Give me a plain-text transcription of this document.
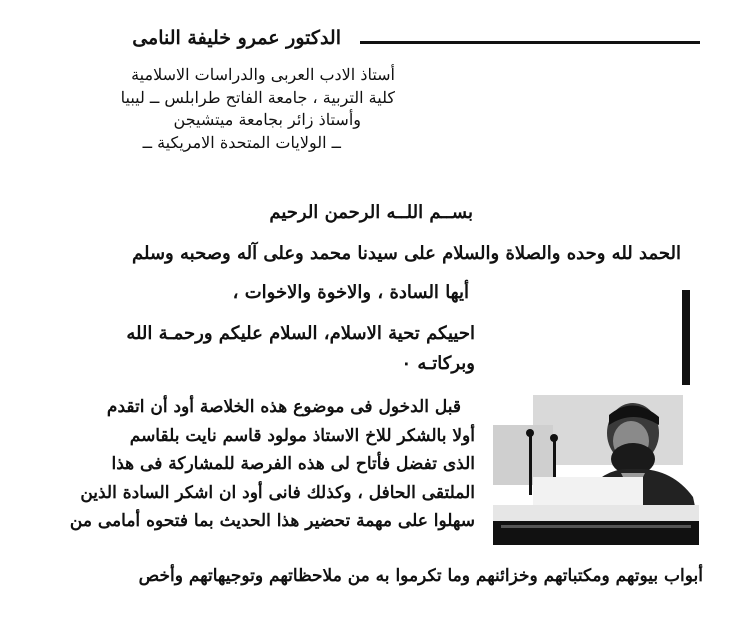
الدكتور عمرو خليفة النامى
أستاذ الادب العربى والدراسات الاسلامية
كلية التربية ، جامعة الفاتح طرابلس ــ ليبيا
وأستاذ زائر بجامعة ميتشيجن
ــ الولايات المتحدة الامريكية ــ
بســم اللــه الرحمن الرحيم
الحمد لله وحده والصلاة والسلام على سيدنا محمد وعلى آله وصحبه وسلم
أيها السادة ، والاخوة والاخوات ،
احييكم تحية الاسلام، السلام عليكم ورحمـة الله
وبركاتـه ٠
قبل الدخول فى موضوع هذه الخلاصة أود أن اتقدم
أولا بالشكر للاخ الاستاذ مولود قاسم نايت بلقاسم
الذى تفضل فأتاح لى هذه الفرصة للمشاركة فى هذا
الملتقى الحافل ، وكذلك فانى أود ان اشكر السادة الذين
سهلوا على مهمة تحضير هذا الحديث بما فتحوه أمامى من
أبواب بيوتهم ومكتباتهم وخزائنهم وما تكرموا به من ملاحظاتهم وتوجيهاتهم وأخص
